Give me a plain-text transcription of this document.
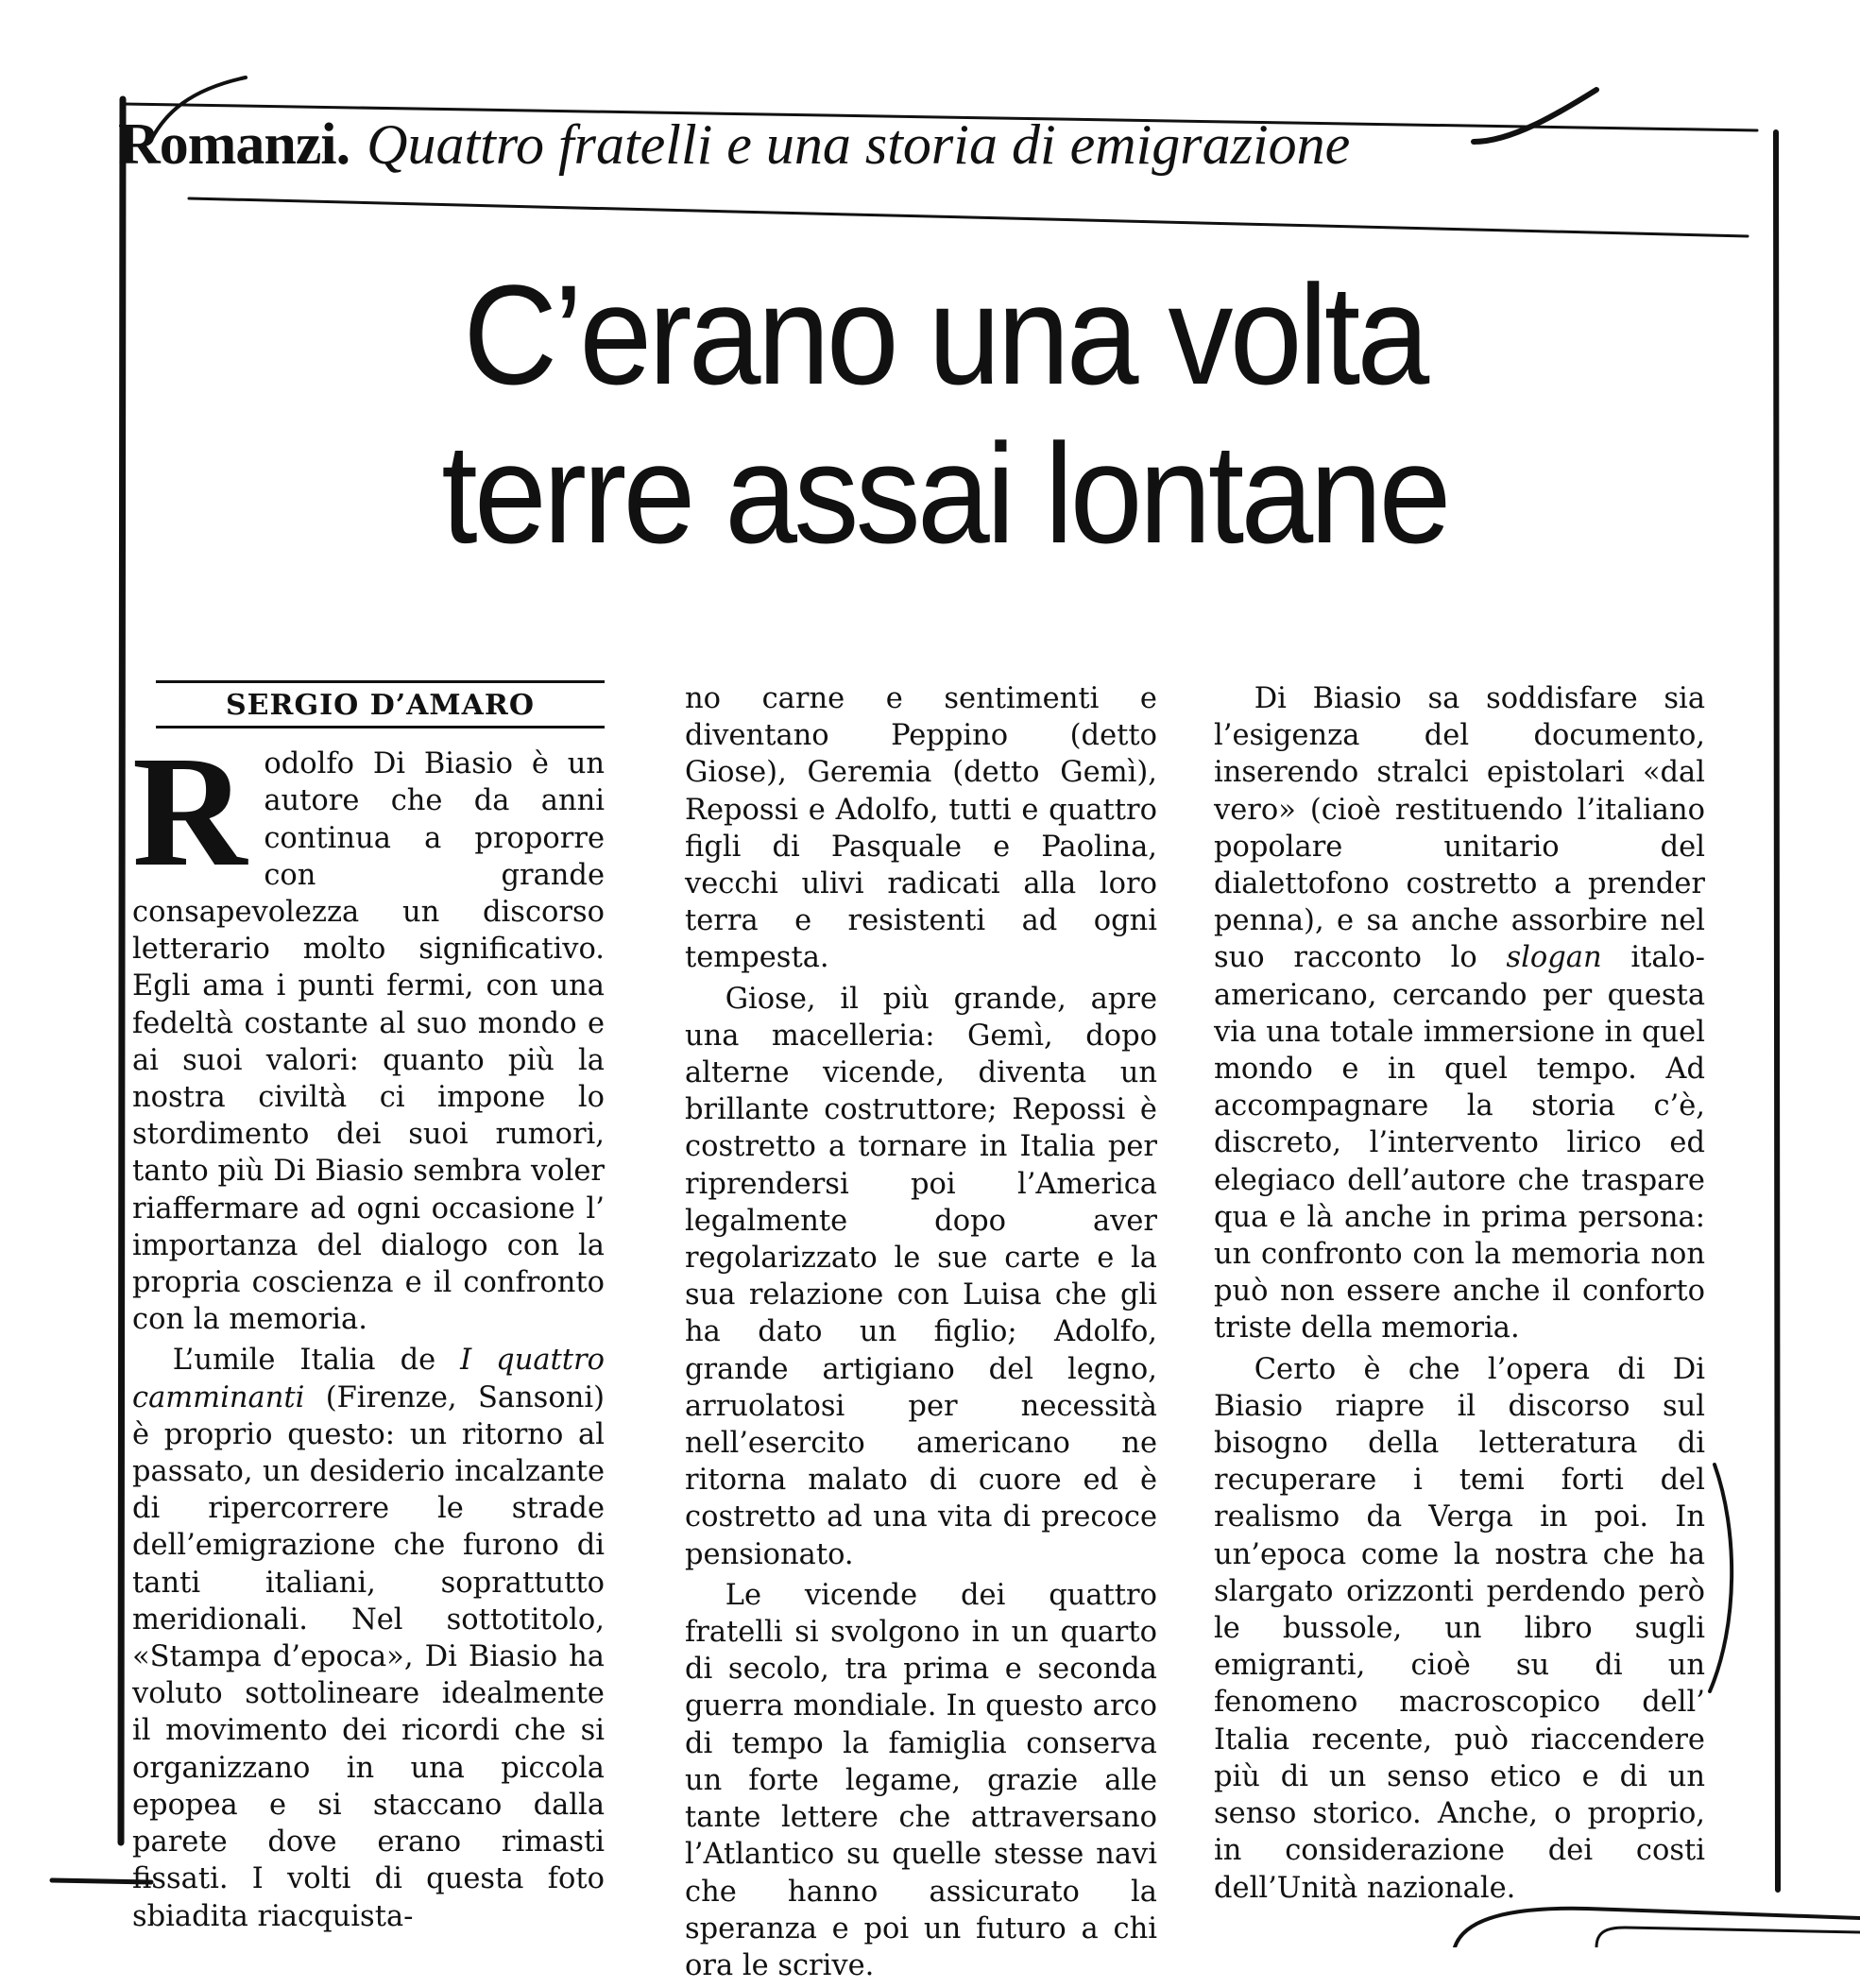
Romanzi. Quattro fratelli e una storia di emigrazione
C’erano una volta
terre assai lontane
SERGIO D’AMARO

Rodolfo Di Biasio è un autore che da anni continua a proporre con grande consapevolezza un discorso letterario molto significativo. Egli ama i punti fermi, con una fedeltà costante al suo mondo e ai suoi valori: quanto più la nostra civiltà ci impone lo stordimento dei suoi rumori, tanto più Di Biasio sembra voler riaffermare ad ogni occasione l’ importanza del dialogo con la propria coscienza e il confronto con la memoria.

L’umile Italia de I quattro camminanti (Firenze, Sansoni) è proprio questo: un ritorno al passato, un desiderio incalzante di ripercorrere le strade dell’emigrazione che furono di tanti italiani, soprattutto meridionali. Nel sottotitolo, «Stampa d’epoca», Di Biasio ha voluto sottolineare idealmente il movimento dei ricordi che si organizzano in una piccola epopea e si staccano dalla parete dove erano rimasti fissati. I volti di questa foto sbiadita riacquista-

no carne e sentimenti e diventano Peppino (detto Giose), Geremia (detto Gemì), Repossi e Adolfo, tutti e quattro figli di Pasquale e Paolina, vecchi ulivi radicati alla loro terra e resistenti ad ogni tempesta.

Giose, il più grande, apre una macelleria: Gemì, dopo alterne vicende, diventa un brillante costruttore; Repossi è costretto a tornare in Italia per riprendersi poi l’America legalmente dopo aver regolarizzato le sue carte e la sua relazione con Luisa che gli ha dato un figlio; Adolfo, grande artigiano del legno, arruolatosi per necessità nell’esercito americano ne ritorna malato di cuore ed è costretto ad una vita di precoce pensionato.

Le vicende dei quattro fratelli si svolgono in un quarto di secolo, tra prima e seconda guerra mondiale. In questo arco di tempo la famiglia conserva un forte legame, grazie alle tante lettere che attraversano l’Atlantico su quelle stesse navi che hanno assicurato la speranza e poi un futuro a chi ora le scrive.

Di Biasio sa soddisfare sia l’esigenza del documento, inserendo stralci epistolari «dal vero» (cioè restituendo l’italiano popolare unitario del dialettofono costretto a prender penna), e sa anche assorbire nel suo racconto lo slogan italo-americano, cercando per questa via una totale immersione in quel mondo e in quel tempo. Ad accompagnare la storia c’è, discreto, l’intervento lirico ed elegiaco dell’autore che traspare qua e là anche in prima persona: un confronto con la memoria non può non essere anche il conforto triste della memoria.

Certo è che l’opera di Di Biasio riapre il discorso sul bisogno della letteratura di recuperare i temi forti del realismo da Verga in poi. In un’epoca come la nostra che ha slargato orizzonti perdendo però le bussole, un libro sugli emigranti, cioè su di un fenomeno macroscopico dell’ Italia recente, può riaccendere più di un senso etico e di un senso storico. Anche, o proprio, in considerazione dei costi dell’Unità nazionale.
